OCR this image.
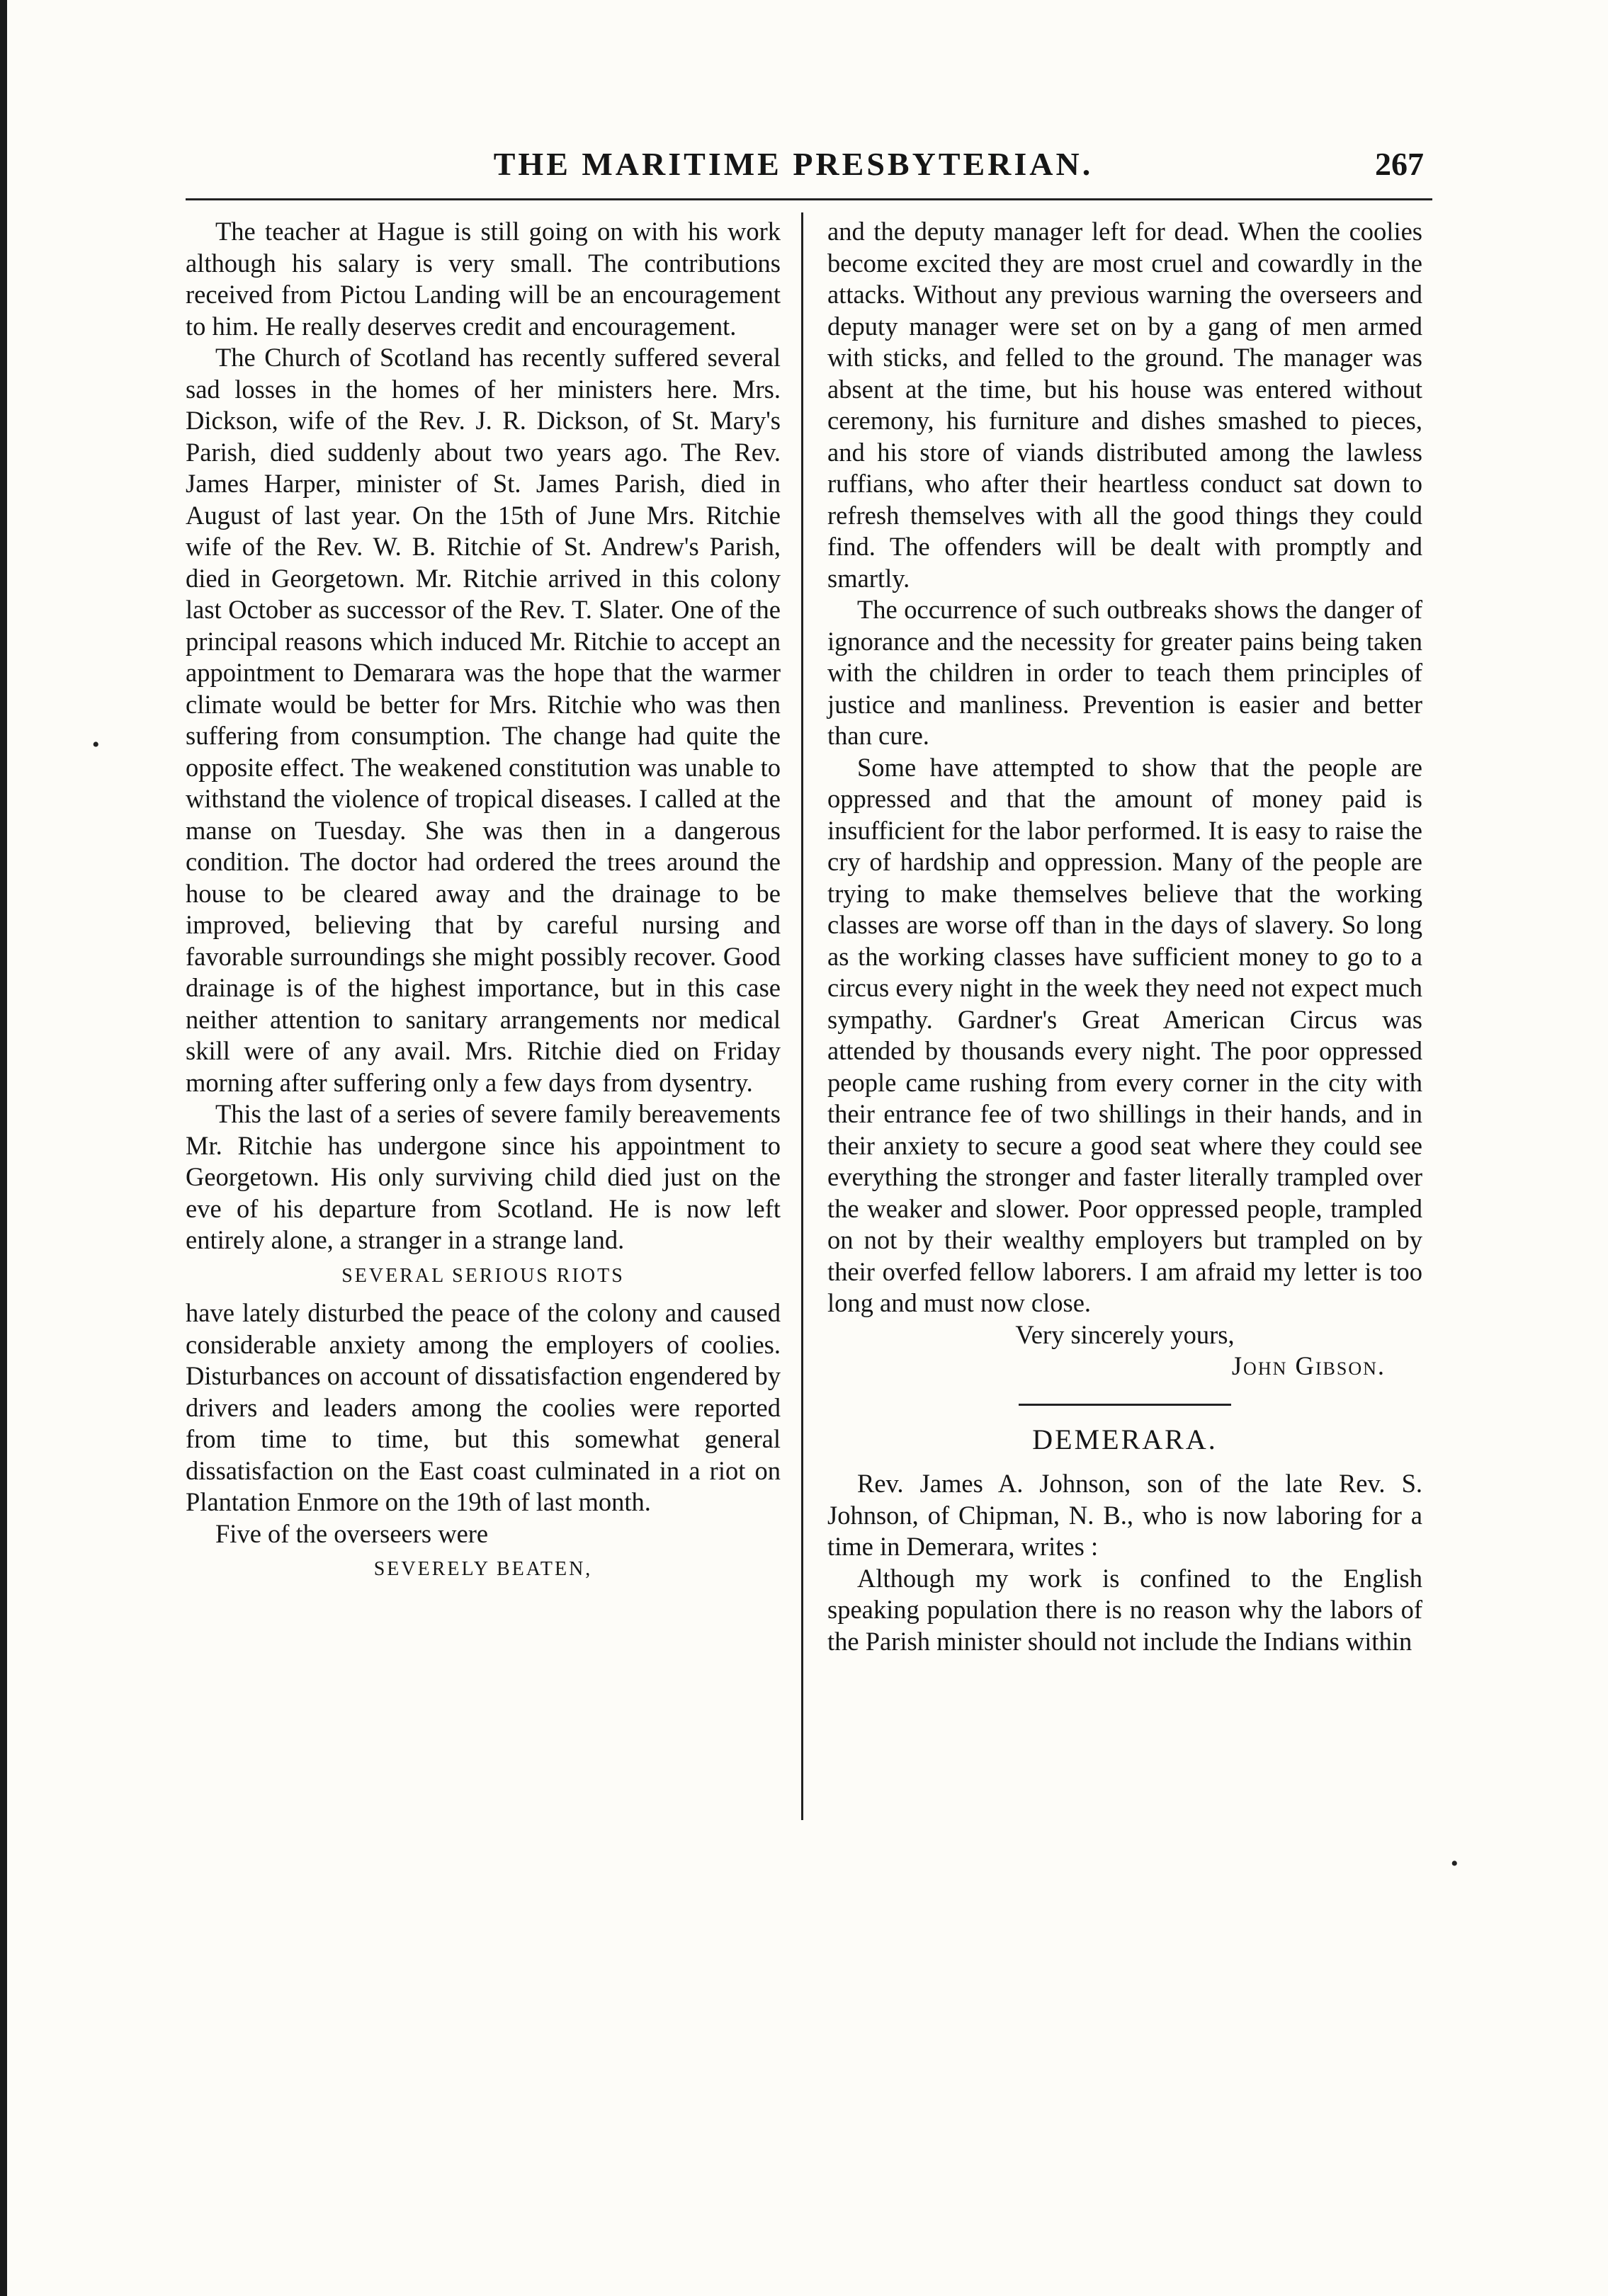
THE MARITIME PRESBYTERIAN.	267

The teacher at Hague is still going on with his work although his salary is very small. The contributions received from Pictou Landing will be an encouragement to him. He really deserves credit and encouragement.

The Church of Scotland has recently suffered several sad losses in the homes of her ministers here. Mrs. Dickson, wife of the Rev. J. R. Dickson, of St. Mary's Parish, died suddenly about two years ago. The Rev. James Harper, minister of St. James Parish, died in August of last year. On the 15th of June Mrs. Ritchie wife of the Rev. W. B. Ritchie of St. Andrew's Parish, died in Georgetown. Mr. Ritchie arrived in this colony last October as successor of the Rev. T. Slater. One of the principal reasons which induced Mr. Ritchie to accept an appointment to Demarara was the hope that the warmer climate would be better for Mrs. Ritchie who was then suffering from consumption. The change had quite the opposite effect. The weakened constitution was unable to withstand the violence of tropical diseases. I called at the manse on Tuesday. She was then in a dangerous condition. The doctor had ordered the trees around the house to be cleared away and the drainage to be improved, believing that by careful nursing and favorable surroundings she might possibly recover. Good drainage is of the highest importance, but in this case neither attention to sanitary arrangements nor medical skill were of any avail. Mrs. Ritchie died on Friday morning after suffering only a few days from dysentry.

This the last of a series of severe family bereavements Mr. Ritchie has undergone since his appointment to Georgetown. His only surviving child died just on the eve of his departure from Scotland. He is now left entirely alone, a stranger in a strange land.

SEVERAL SERIOUS RIOTS

have lately disturbed the peace of the colony and caused considerable anxiety among the employers of coolies. Disturbances on account of dissatisfaction engendered by drivers and leaders among the coolies were reported from time to time, but this somewhat general dissatisfaction on the East coast culminated in a riot on Plantation Enmore on the 19th of last month.

Five of the overseers were

SEVERELY BEATEN,

and the deputy manager left for dead. When the coolies become excited they are most cruel and cowardly in the attacks. Without any previous warning the overseers and deputy manager were set on by a gang of men armed with sticks, and felled to the ground. The manager was absent at the time, but his house was entered without ceremony, his furniture and dishes smashed to pieces, and his store of viands distributed among the lawless ruffians, who after their heartless conduct sat down to refresh themselves with all the good things they could find. The offenders will be dealt with promptly and smartly.

The occurrence of such outbreaks shows the danger of ignorance and the necessity for greater pains being taken with the children in order to teach them principles of justice and manliness. Prevention is easier and better than cure.

Some have attempted to show that the people are oppressed and that the amount of money paid is insufficient for the labor performed. It is easy to raise the cry of hardship and oppression. Many of the people are trying to make themselves believe that the working classes are worse off than in the days of slavery. So long as the working classes have sufficient money to go to a circus every night in the week they need not expect much sympathy. Gardner's Great American Circus was attended by thousands every night. The poor oppressed people came rushing from every corner in the city with their entrance fee of two shillings in their hands, and in their anxiety to secure a good seat where they could see everything the stronger and faster literally trampled over the weaker and slower. Poor oppressed people, trampled on not by their wealthy employers but trampled on by their overfed fellow laborers. I am afraid my letter is too long and must now close.

Very sincerely yours,
John Gibson.
DEMERARA.

Rev. James A. Johnson, son of the late Rev. S. Johnson, of Chipman, N. B., who is now laboring for a time in Demerara, writes :

Although my work is confined to the English speaking population there is no reason why the labors of the Parish minister should not include the Indians within

•
•
